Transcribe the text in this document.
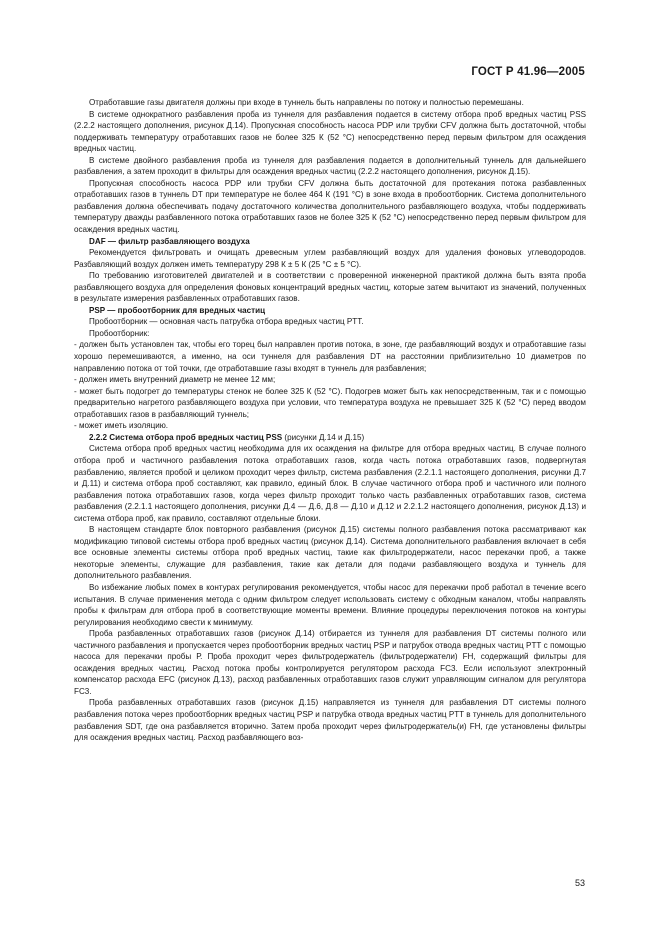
ГОСТ Р 41.96—2005

Отработавшие газы двигателя должны при входе в туннель быть направлены по потоку и полностью перемешаны.

В системе однократного разбавления проба из туннеля для разбавления подается в систему отбора проб вредных частиц PSS (2.2.2 настоящего дополнения, рисунок Д.14). Пропускная способность насоса PDP или трубки CFV должна быть достаточной, чтобы поддерживать температуру отработавших газов не более 325 К (52 °С) непосредственно перед первым фильтром для осаждения вредных частиц.

В системе двойного разбавления проба из туннеля для разбавления подается в дополнительный туннель для дальнейшего разбавления, а затем проходит в фильтры для осаждения вредных частиц (2.2.2 настоящего дополнения, рисунок Д.15).

Пропускная способность насоса PDP или трубки CFV должна быть достаточной для протекания потока разбавленных отработавших газов в туннель DT при температуре не более 464 К (191 °С) в зоне входа в пробоотборник. Система дополнительного разбавления должна обеспечивать подачу достаточного количества дополнительного разбавляющего воздуха, чтобы поддерживать температуру дважды разбавленного потока отработавших газов не более 325 К (52 °С) непосредственно перед первым фильтром для осаждения вредных частиц.

DAF — фильтр разбавляющего воздуха

Рекомендуется фильтровать и очищать древесным углем разбавляющий воздух для удаления фоновых углеводородов. Разбавляющий воздух должен иметь температуру 298 К ± 5 К (25 °С ± 5 °С).

По требованию изготовителей двигателей и в соответствии с проверенной инженерной практикой должна быть взята проба разбавляющего воздуха для определения фоновых концентраций вредных частиц, которые затем вычитают из значений, полученных в результате измерения разбавленных отработавших газов.

PSP — пробоотборник для вредных частиц

Пробоотборник — основная часть патрубка отбора вредных частиц PTT.

Пробоотборник:

- должен быть установлен так, чтобы его торец был направлен против потока, в зоне, где разбавляющий воздух и отработавшие газы хорошо перемешиваются, а именно, на оси туннеля для разбавления DT на расстоянии приблизительно 10 диаметров по направлению потока от той точки, где отработавшие газы входят в туннель для разбавления;

- должен иметь внутренний диаметр не менее 12 мм;

- может быть подогрет до температуры стенок не более 325 К (52 °С). Подогрев может быть как непосредственным, так и с помощью предварительно нагретого разбавляющего воздуха при условии, что температура воздуха не превышает 325 К (52 °С) перед вводом отработавших газов в разбавляющий туннель;

- может иметь изоляцию.

2.2.2 Система отбора проб вредных частиц PSS (рисунки Д.14 и Д.15)

Система отбора проб вредных частиц необходима для их осаждения на фильтре для отбора вредных частиц. В случае полного отбора проб и частичного разбавления потока отработавших газов, когда часть потока отработавших газов, подвергнутая разбавлению, является пробой и целиком проходит через фильтр, система разбавления (2.2.1.1 настоящего дополнения, рисунки Д.7 и Д.11) и система отбора проб составляют, как правило, единый блок. В случае частичного отбора проб и частичного или полного разбавления потока отработавших газов, когда через фильтр проходит только часть разбавленных отработавших газов, система разбавления (2.2.1.1 настоящего дополнения, рисунки Д.4 — Д.6, Д.8 — Д.10 и Д.12 и 2.2.1.2 настоящего дополнения, рисунок Д.13) и система отбора проб, как правило, составляют отдельные блоки.

В настоящем стандарте блок повторного разбавления (рисунок Д.15) системы полного разбавления потока рассматривают как модификацию типовой системы отбора проб вредных частиц (рисунок Д.14). Система дополнительного разбавления включает в себя все основные элементы системы отбора проб вредных частиц, такие как фильтродержатели, насос перекачки проб, а также некоторые элементы, служащие для разбавления, такие как детали для подачи разбавляющего воздуха и туннель для дополнительного разбавления.

Во избежание любых помех в контурах регулирования рекомендуется, чтобы насос для перекачки проб работал в течение всего испытания. В случае применения метода с одним фильтром следует использовать систему с обходным каналом, чтобы направлять пробы к фильтрам для отбора проб в соответствующие моменты времени. Влияние процедуры переключения потоков на контуры регулирования необходимо свести к минимуму.

Проба разбавленных отработавших газов (рисунок Д.14) отбирается из туннеля для разбавления DT системы полного или частичного разбавления и пропускается через пробоотборник вредных частиц PSP и патрубок отвода вредных частиц PTT с помощью насоса для перекачки пробы Р. Проба проходит через фильтродержатель (фильтродержатели) FH, содержащий фильтры для осаждения вредных частиц. Расход потока пробы контролируется регулятором расхода FC3. Если используют электронный компенсатор расхода EFC (рисунок Д.13), расход разбавленных отработавших газов служит управляющим сигналом для регулятора FC3.

Проба разбавленных отработавших газов (рисунок Д.15) направляется из туннеля для разбавления DT системы полного разбавления потока через пробоотборник вредных частиц PSP и патрубка отвода вредных частиц PTT в туннель для дополнительного разбавления SDT, где она разбавляется вторично. Затем проба проходит через фильтродержатель(и) FH, где установлены фильтры для осаждения вредных частиц. Расход разбавляющего воз-

53
